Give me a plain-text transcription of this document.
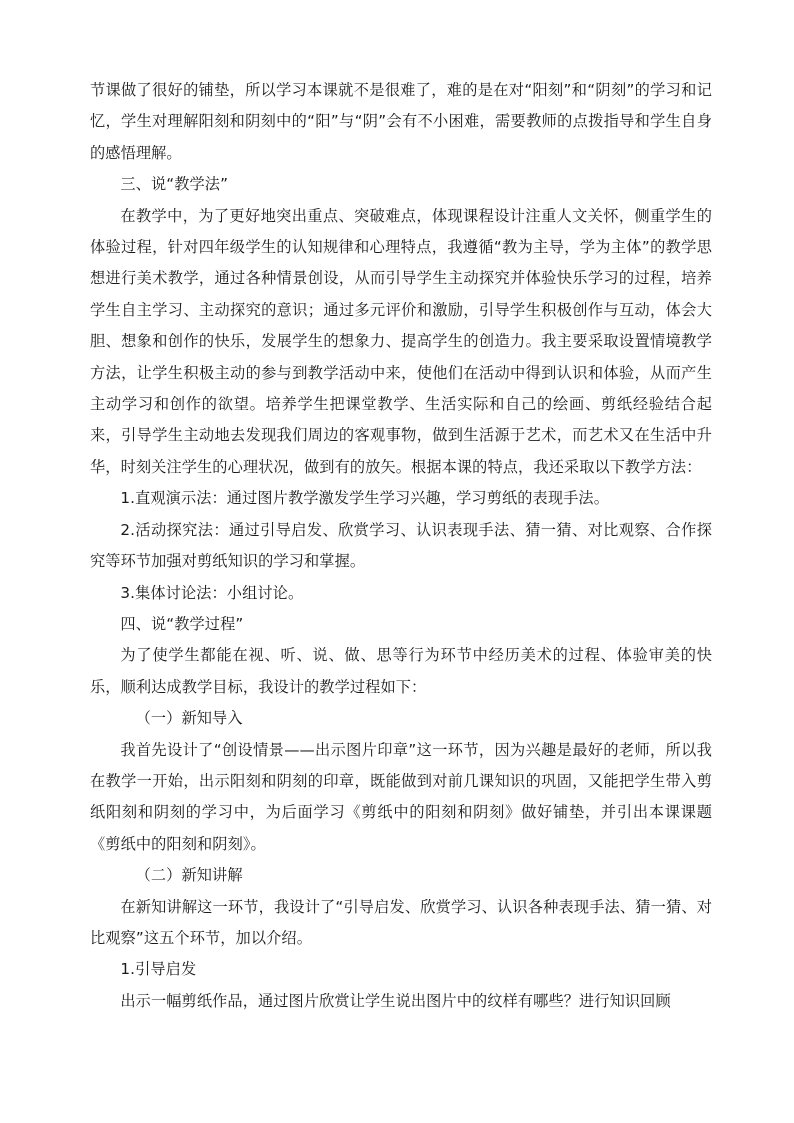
节课做了很好的铺垫，所以学习本课就不是很难了，难的是在对“阳刻”和“阴刻”的学习和记忆，学生对理解阳刻和阴刻中的“阳”与“阴”会有不小困难，需要教师的点拨指导和学生自身的感悟理解。

三、说“教学法”

在教学中，为了更好地突出重点、突破难点，体现课程设计注重人文关怀，侧重学生的体验过程，针对四年级学生的认知规律和心理特点，我遵循“教为主导，学为主体”的教学思想进行美术教学，通过各种情景创设，从而引导学生主动探究并体验快乐学习的过程，培养学生自主学习、主动探究的意识；通过多元评价和激励，引导学生积极创作与互动，体会大胆、想象和创作的快乐，发展学生的想象力、提高学生的创造力。我主要采取设置情境教学方法，让学生积极主动的参与到教学活动中来，使他们在活动中得到认识和体验，从而产生主动学习和创作的欲望。培养学生把课堂教学、生活实际和自己的绘画、剪纸经验结合起来，引导学生主动地去发现我们周边的客观事物，做到生活源于艺术，而艺术又在生活中升华，时刻关注学生的心理状况，做到有的放矢。根据本课的特点，我还采取以下教学方法：

1.直观演示法：通过图片教学激发学生学习兴趣，学习剪纸的表现手法。

2.活动探究法：通过引导启发、欣赏学习、认识表现手法、猜一猜、对比观察、合作探究等环节加强对剪纸知识的学习和掌握。

3.集体讨论法：小组讨论。

四、说“教学过程”

为了使学生都能在视、听、说、做、思等行为环节中经历美术的过程、体验审美的快乐，顺利达成教学目标，我设计的教学过程如下：

（一）新知导入

我首先设计了“创设情景——出示图片印章”这一环节，因为兴趣是最好的老师，所以我在教学一开始，出示阳刻和阴刻的印章，既能做到对前几课知识的巩固，又能把学生带入剪纸阳刻和阴刻的学习中，为后面学习《剪纸中的阳刻和阴刻》做好铺垫，并引出本课课题《剪纸中的阳刻和阴刻》。

（二）新知讲解

在新知讲解这一环节，我设计了“引导启发、欣赏学习、认识各种表现手法、猜一猜、对比观察”这五个环节，加以介绍。

1.引导启发

出示一幅剪纸作品，通过图片欣赏让学生说出图片中的纹样有哪些？进行知识回顾
